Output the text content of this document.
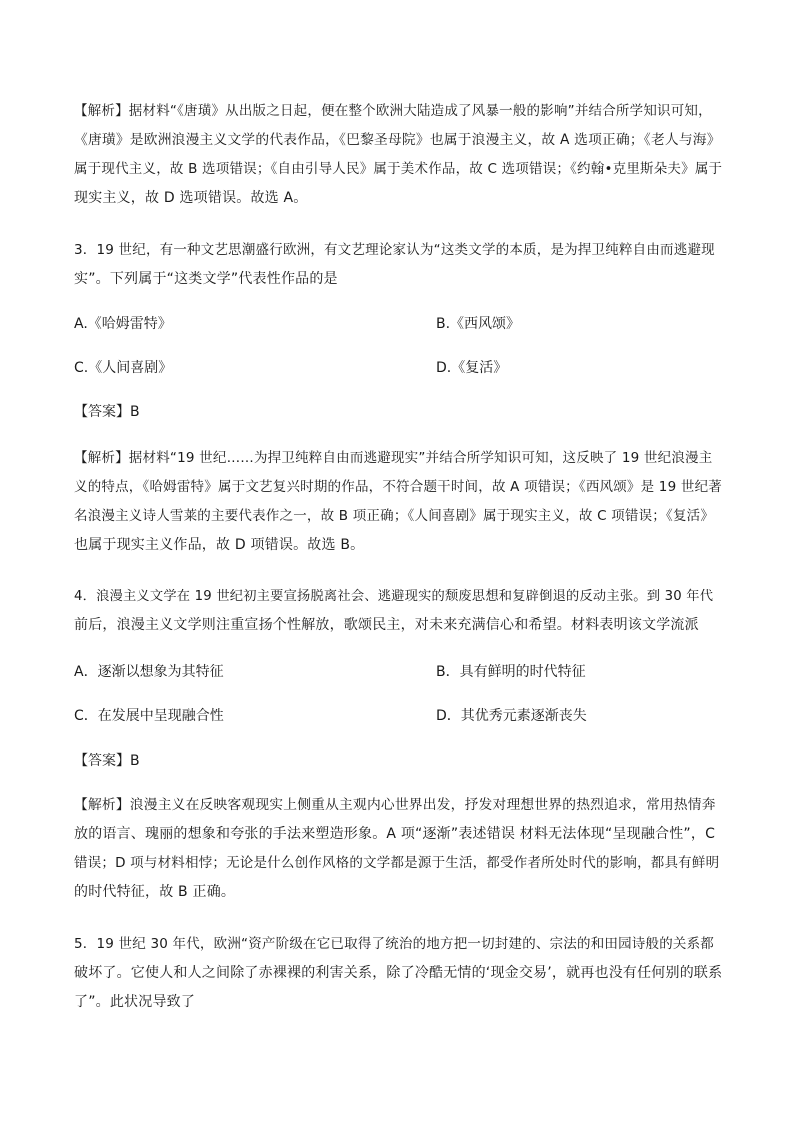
【解析】据材料“《唐璜》从出版之日起，便在整个欧洲大陆造成了风暴一般的影响”并结合所学知识可知，
《唐璜》是欧洲浪漫主义文学的代表作品，《巴黎圣母院》也属于浪漫主义，故 A 选项正确；《老人与海》
属于现代主义，故 B 选项错误；《自由引导人民》属于美术作品，故 C 选项错误；《约翰•克里斯朵夫》属于
现实主义，故 D 选项错误。故选 A。

3．19 世纪，有一种文艺思潮盛行欧洲，有文艺理论家认为“这类文学的本质，是为捍卫纯粹自由而逃避现
实”。下列属于“这类文学”代表性作品的是

A.《哈姆雷特》	B.《西风颂》
C.《人间喜剧》	D.《复活》
【答案】B

【解析】据材料“19 世纪……为捍卫纯粹自由而逃避现实”并结合所学知识可知，这反映了 19 世纪浪漫主
义的特点，《哈姆雷特》属于文艺复兴时期的作品，不符合题干时间，故 A 项错误；《西风颂》是 19 世纪著
名浪漫主义诗人雪莱的主要代表作之一，故 B 项正确；《人间喜剧》属于现实主义，故 C 项错误；《复活》
也属于现实主义作品，故 D 项错误。故选 B。

4．浪漫主义文学在 19 世纪初主要宣扬脱离社会、逃避现实的颓废思想和复辟倒退的反动主张。到 30 年代
前后，浪漫主义文学则注重宣扬个性解放，歌颂民主，对未来充满信心和希望。材料表明该文学流派

A．逐渐以想象为其特征	B．具有鲜明的时代特征
C．在发展中呈现融合性	D．其优秀元素逐渐丧失
【答案】B

【解析】浪漫主义在反映客观现实上侧重从主观内心世界出发，抒发对理想世界的热烈追求，常用热情奔
放的语言、瑰丽的想象和夸张的手法来塑造形象。A 项“逐渐”表述错误 材料无法体现“呈现融合性”，C
错误；D 项与材料相悖；无论是什么创作风格的文学都是源于生活，都受作者所处时代的影响，都具有鲜明
的时代特征，故 B 正确。

5．19 世纪 30 年代，欧洲“资产阶级在它已取得了统治的地方把一切封建的、宗法的和田园诗般的关系都
破坏了。它使人和人之间除了赤裸裸的利害关系，除了冷酷无情的‘现金交易’，就再也没有任何别的联系
了”。此状况导致了
